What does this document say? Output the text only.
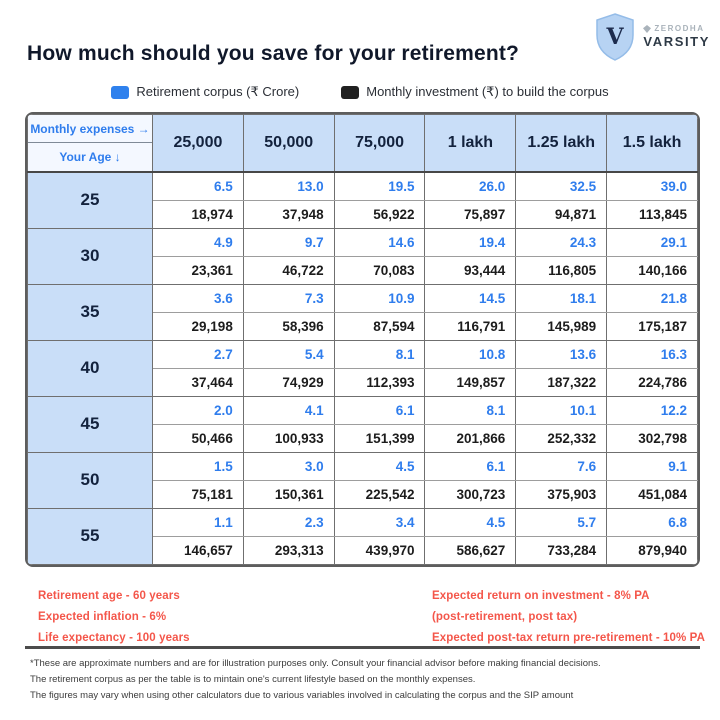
How much should you save for your retirement?
V	ZERODHA
VARSITY
Retirement corpus (₹ Crore)	Monthly investment (₹) to build the corpus
Monthly expenses →
Your Age ↓	25,000	50,000	75,000	1 lakh	1.25 lakh	1.5 lakh
25	6.5	13.0	19.5	26.0	32.5	39.0
	18,974	37,948	56,922	75,897	94,871	113,845
30	4.9	9.7	14.6	19.4	24.3	29.1
	23,361	46,722	70,083	93,444	116,805	140,166
35	3.6	7.3	10.9	14.5	18.1	21.8
	29,198	58,396	87,594	116,791	145,989	175,187
40	2.7	5.4	8.1	10.8	13.6	16.3
	37,464	74,929	112,393	149,857	187,322	224,786
45	2.0	4.1	6.1	8.1	10.1	12.2
	50,466	100,933	151,399	201,866	252,332	302,798
50	1.5	3.0	4.5	6.1	7.6	9.1
	75,181	150,361	225,542	300,723	375,903	451,084
55	1.1	2.3	3.4	4.5	5.7	6.8
	146,657	293,313	439,970	586,627	733,284	879,940
Retirement age - 60 years
Expected inflation - 6%
Life expectancy - 100 years
Expected return on investment - 8% PA
(post-retirement, post tax)
Expected post-tax return pre-retirement - 10% PA
*These are approximate numbers and are for illustration purposes only. Consult your financial advisor before making financial decisions.
The retirement corpus as per the table is to mintain one's current lifestyle based on the monthly expenses.
The figures may vary when using other calculators due to various variables involved in calculating the corpus and the SIP amount
